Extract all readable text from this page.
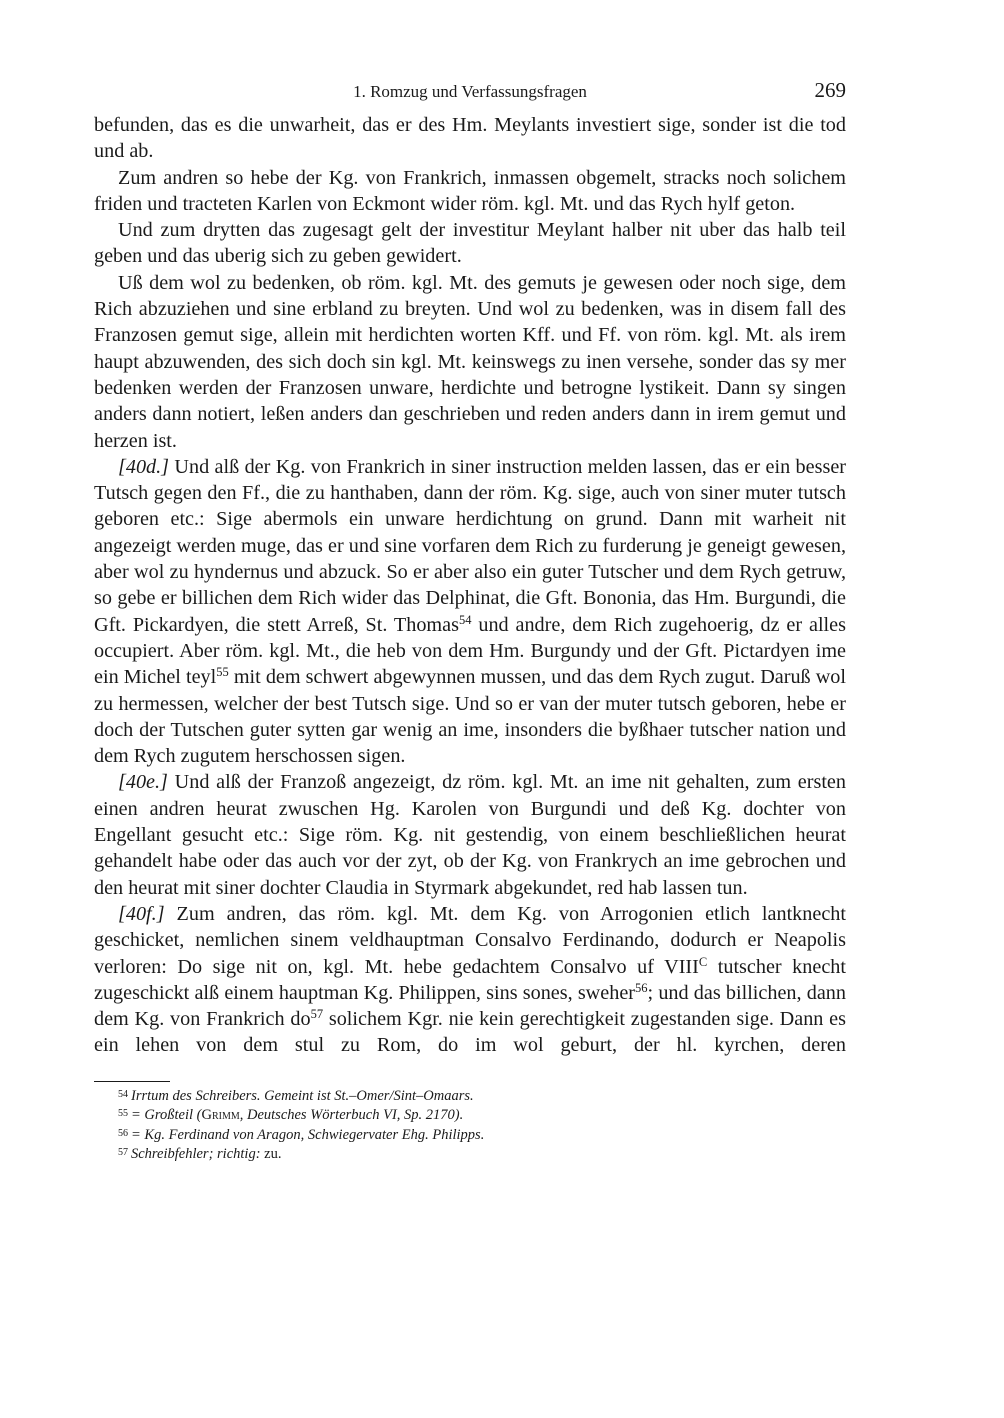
1. Romzug und Verfassungsfragen	269

befunden, das es die unwarheit, das er des Hm. Meylants investiert sige, sonder ist die tod und ab.

Zum andren so hebe der Kg. von Frankrich, inmassen obgemelt, stracks noch solichem friden und tracteten Karlen von Eckmont wider röm. kgl. Mt. und das Rych hylf geton.

Und zum drytten das zugesagt gelt der investitur Meylant halber nit uber das halb teil geben und das uberig sich zu geben gewidert.

Uß dem wol zu bedenken, ob röm. kgl. Mt. des gemuts je gewesen oder noch sige, dem Rich abzuziehen und sine erbland zu breyten. Und wol zu bedenken, was in disem fall des Franzosen gemut sige, allein mit herdichten worten Kff. und Ff. von röm. kgl. Mt. als irem haupt abzuwenden, des sich doch sin kgl. Mt. keinswegs zu inen versehe, sonder das sy mer bedenken werden der Franzosen unware, herdichte und betrogne lystikeit. Dann sy singen anders dann notiert, leßen anders dan geschrieben und reden anders dann in irem gemut und herzen ist.

[40d.] Und alß der Kg. von Frankrich in siner instruction melden lassen, das er ein besser Tutsch gegen den Ff., die zu hanthaben, dann der röm. Kg. sige, auch von siner muter tutsch geboren etc.: Sige abermols ein unware herdichtung on grund. Dann mit warheit nit angezeigt werden muge, das er und sine vorfaren dem Rich zu furderung je geneigt gewesen, aber wol zu hyndernus und abzuck. So er aber also ein guter Tutscher und dem Rych getruw, so gebe er billichen dem Rich wider das Delphinat, die Gft. Bononia, das Hm. Burgundi, die Gft. Pickardyen, die stett Arreß, St. Thomas$^{54}$ und andre, dem Rich zugehoerig, dz er alles occupiert. Aber röm. kgl. Mt., die heb von dem Hm. Burgundy und der Gft. Pictardyen ime ein Michel teyl$^{55}$ mit dem schwert abgewynnen mussen, und das dem Rych zugut. Daruß wol zu hermessen, welcher der best Tutsch sige. Und so er van der muter tutsch geboren, hebe er doch der Tutschen guter sytten gar wenig an ime, insonders die byßhaer tutscher nation und dem Rych zugutem herschossen sigen.

[40e.] Und alß der Franzoß angezeigt, dz röm. kgl. Mt. an ime nit gehalten, zum ersten einen andren heurat zwuschen Hg. Karolen von Burgundi und deß Kg. dochter von Engellant gesucht etc.: Sige röm. Kg. nit gestendig, von einem beschließlichen heurat gehandelt habe oder das auch vor der zyt, ob der Kg. von Frankrych an ime gebrochen und den heurat mit siner dochter Claudia in Styrmark abgekundet, red hab lassen tun.

[40f.] Zum andren, das röm. kgl. Mt. dem Kg. von Arrogonien etlich lantknecht geschicket, nemlichen sinem veldhauptman Consalvo Ferdinando, dodurch er Neapolis verloren: Do sige nit on, kgl. Mt. hebe gedachtem Consalvo uf $VIII^C$ tutscher knecht zugeschickt alß einem hauptman Kg. Philippen, sins sones, sweher$^{56}$; und das billichen, dann dem Kg. von Frankrich $do^{57}$ solichem Kgr. nie kein gerechtigkeit zugestanden sige. Dann es ein lehen von dem stul zu Rom, do im wol geburt, der hl. kyrchen, deren

$^{54}$ Irrtum des Schreibers. Gemeint ist St.–Omer/Sint–Omaars.

$^{55}$ = Großteil (Grimm, Deutsches Wörterbuch VI, Sp. 2170).

$^{56}$ = Kg. Ferdinand von Aragon, Schwiegervater Ehg. Philipps.

$^{57}$ Schreibfehler; richtig: zu.
